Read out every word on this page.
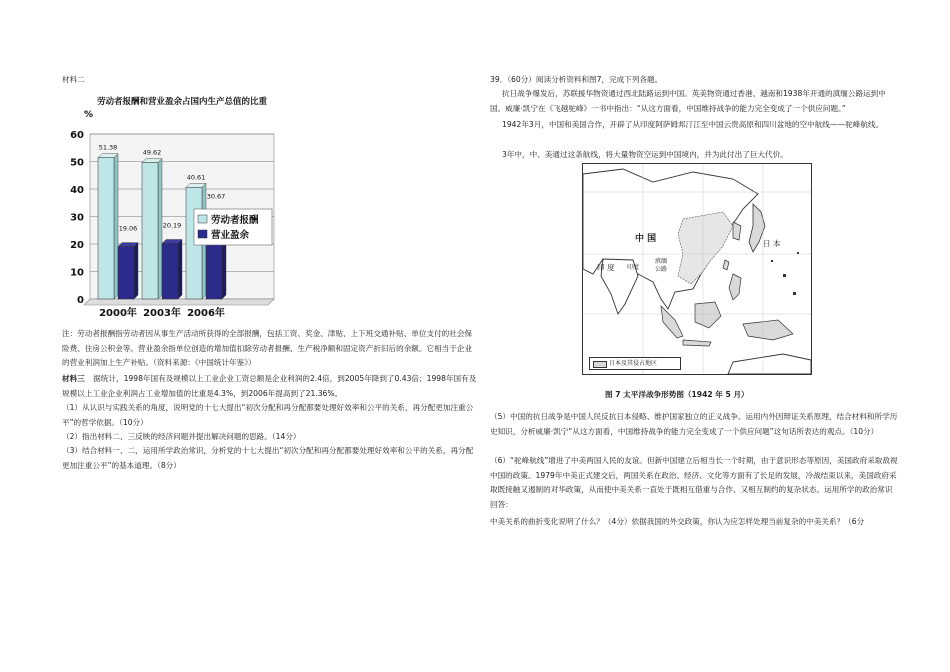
材料二
劳动者报酬和营业盈余占国内生产总值的比重
%
0
10
20
30
40
50
60
51.38
19.06
2000年
49.62
20.19
2003年
40.61
30.67
2006年
劳动者报酬
营业盈余
注：劳动者报酬指劳动者因从事生产活动所获得的全部报酬，包括工资、奖金、津贴、上下班交通补贴、单位支付的社会保险费、住房公积金等。营业盈余指单位创造的增加值扣除劳动者报酬、生产税净额和固定资产折旧后的余额。它相当于企业的营业利润加上生产补贴。（资料来源：《中国统计年鉴》）
材料三 据统计，1998年国有及规模以上工业企业工资总额是企业利润的2.4倍，到2005年降到了0.43倍；1998年国有及规模以上工业企业利润占工业增加值的比重是4.3%，到2006年提高到了21.36%。
（1）从认识与实践关系的角度，说明党的十七大提出“初次分配和再分配都要处理好效率和公平的关系，再分配更加注重公平”的哲学依据。（10分）
（2）指出材料二、三反映的经济问题并提出解决问题的思路。（14分）
（3）结合材料一、二，运用所学政治常识，分析党的十七大提出“初次分配和再分配都要处理好效率和公平的关系，再分配更加注重公平”的基本道理。（8分）
39．（60分）阅读分析资料和图7，完成下列各题。
抗日战争爆发后，苏联援华物资通过西北陆路运到中国。英美物资通过香港、越南和1938年开通的滇缅公路运到中国。威廉·凯宁在《飞越驼峰》一书中指出：“从这方面看，中国维持战争的能力完全变成了一个供应问题。”
1942年3月，中国和美国合作，开辟了从印度阿萨姆邦汀江至中国云贵高原和四川盆地的空中航线——驼峰航线。
3年中，中、美通过这条航线，将大量物资空运到中国境内，并为此付出了巨大代价。
中 国	日 本
印 度
滇缅
公路
印度
日本及其侵占地区
图 7 太平洋战争形势图（1942 年 5 月）
（5）中国的抗日战争是中国人民反抗日本侵略、维护国家独立的正义战争。运用内外因辩证关系原理，结合材料和所学历史知识，分析威廉·凯宁“从这方面看，中国维持战争的能力完全变成了一个供应问题”这句话所表达的观点。（10分）
（6）“驼峰航线”增进了中美两国人民的友谊。但新中国建立后相当长一个时期，由于意识形态等原因，美国政府采取敌视中国的政策。1979年中美正式建交后，两国关系在政治、经济、文化等方面有了长足的发展，冷战结束以来，美国政府采取既接触又遏制的对华政策，从而使中美关系一直处于既相互借重与合作、又相互制约的复杂状态。运用所学的政治常识回答：
中美关系的曲折变化说明了什么？（4分）依据我国的外交政策，你认为应怎样处理当前复杂的中美关系？（6分
